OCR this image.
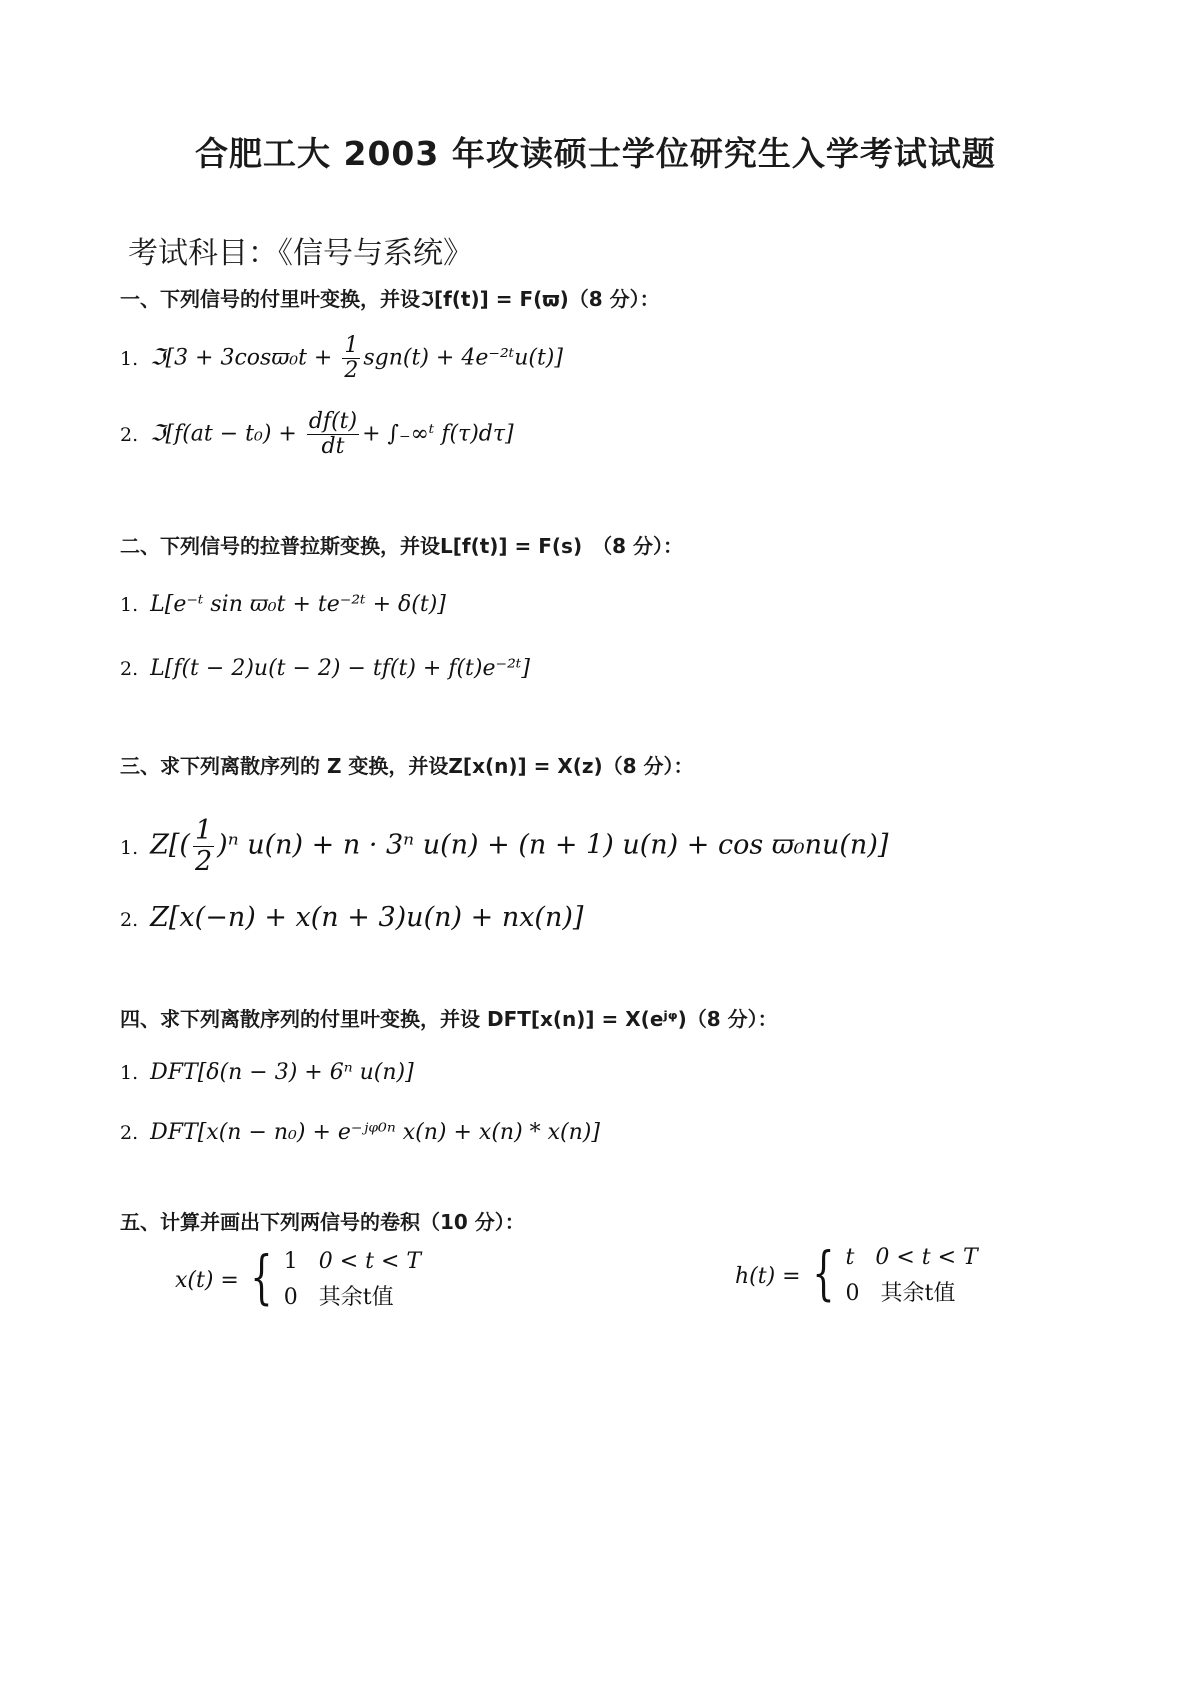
合肥工大 2003 年攻读硕士学位研究生入学考试试题
考试科目：《信号与系统》
一、下列信号的付里叶变换，并设ℑ[f(t)] = F(ϖ)（8 分）：
1. ℑ[3 + $3\cos ϖ_0t + \frac{1}{2} sgn(t)$ + 4e⁻²ᵗu(t)]
2. ℑ[f(at − $t_0) + \frac{df(t)}{dt}$ + ∫₋∞ᵗ f(τ)dτ]
二、下列信号的拉普拉斯变换，并设L[f(t)] = F(s)　（8 分）：
1. L[e⁻ᵗ sin ϖ₀t + te⁻²ᵗ + δ(t)]
2. L[f(t − 2)u(t − 2) − tf(t) + f(t)e⁻²ᵗ]
三、求下列离散序列的 Z 变换，并设Z[x(n)] = X(z)（8 分）：
1. $Z[( \frac{1}{2} )^n$ u(n) + n · 3ⁿ u(n) + (n + 1) u(n) + cos ϖ₀nu(n)]
2. Z[x(−n) + x(n + 3)u(n) + nx(n)]
四、求下列离散序列的付里叶变换，并设 DFT[x(n)] = X(eʲᵠ)（8 分）：
1. DFT[δ(n − 3) + 6ⁿ u(n)]
2. DFT[x(n − n₀) + e⁻ʲᵠ⁰ⁿ x(n) + x(n) * x(n)]
五、计算并画出下列两信号的卷积（10 分）：
x(t) = { 1 0 < t < T
0 其余t值
h(t) = { t 0 < t < T
0 其余t值
